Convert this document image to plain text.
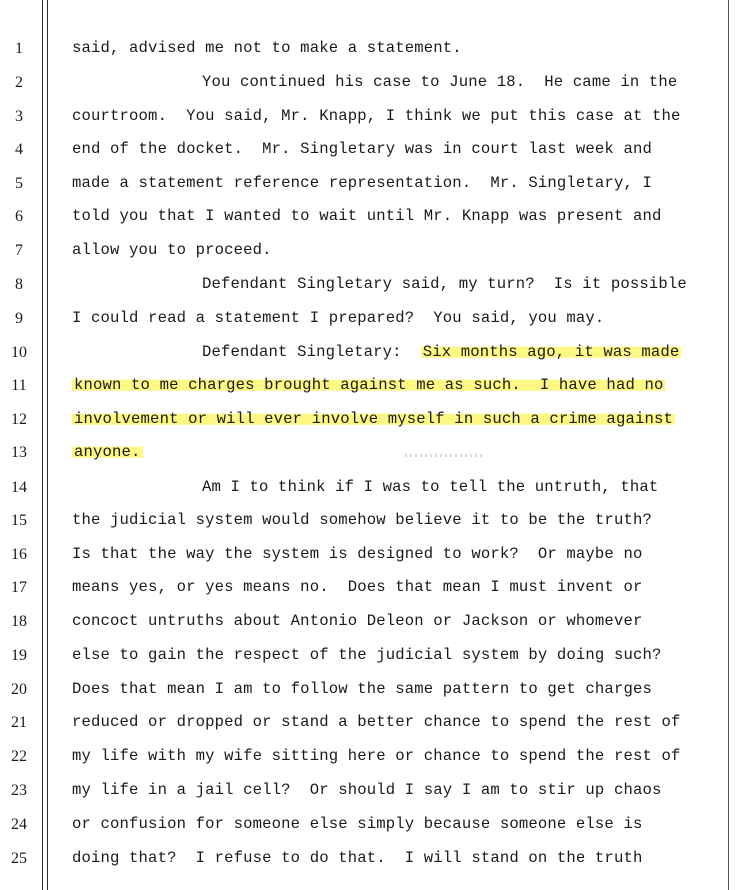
1	said, advised me not to make a statement.
2	You continued his case to June 18.  He came in the
3	courtroom.  You said, Mr. Knapp, I think we put this case at the
4	end of the docket.  Mr. Singletary was in court last week and
5	made a statement reference representation.  Mr. Singletary, I
6	told you that I wanted to wait until Mr. Knapp was present and
7	allow you to proceed.
8	Defendant Singletary said, my turn?  Is it possible
9	I could read a statement I prepared?  You said, you may.
10	Defendant Singletary:  Six months ago, it was made
11	known to me charges brought against me as such.  I have had no
12	involvement or will ever involve myself in such a crime against
13	anyone.
14	Am I to think if I was to tell the untruth, that
15	the judicial system would somehow believe it to be the truth?
16	Is that the way the system is designed to work?  Or maybe no
17	means yes, or yes means no.  Does that mean I must invent or
18	concoct untruths about Antonio Deleon or Jackson or whomever
19	else to gain the respect of the judicial system by doing such?
20	Does that mean I am to follow the same pattern to get charges
21	reduced or dropped or stand a better chance to spend the rest of
22	my life with my wife sitting here or chance to spend the rest of
23	my life in a jail cell?  Or should I say I am to stir up chaos
24	or confusion for someone else simply because someone else is
25	doing that?  I refuse to do that.  I will stand on the truth
